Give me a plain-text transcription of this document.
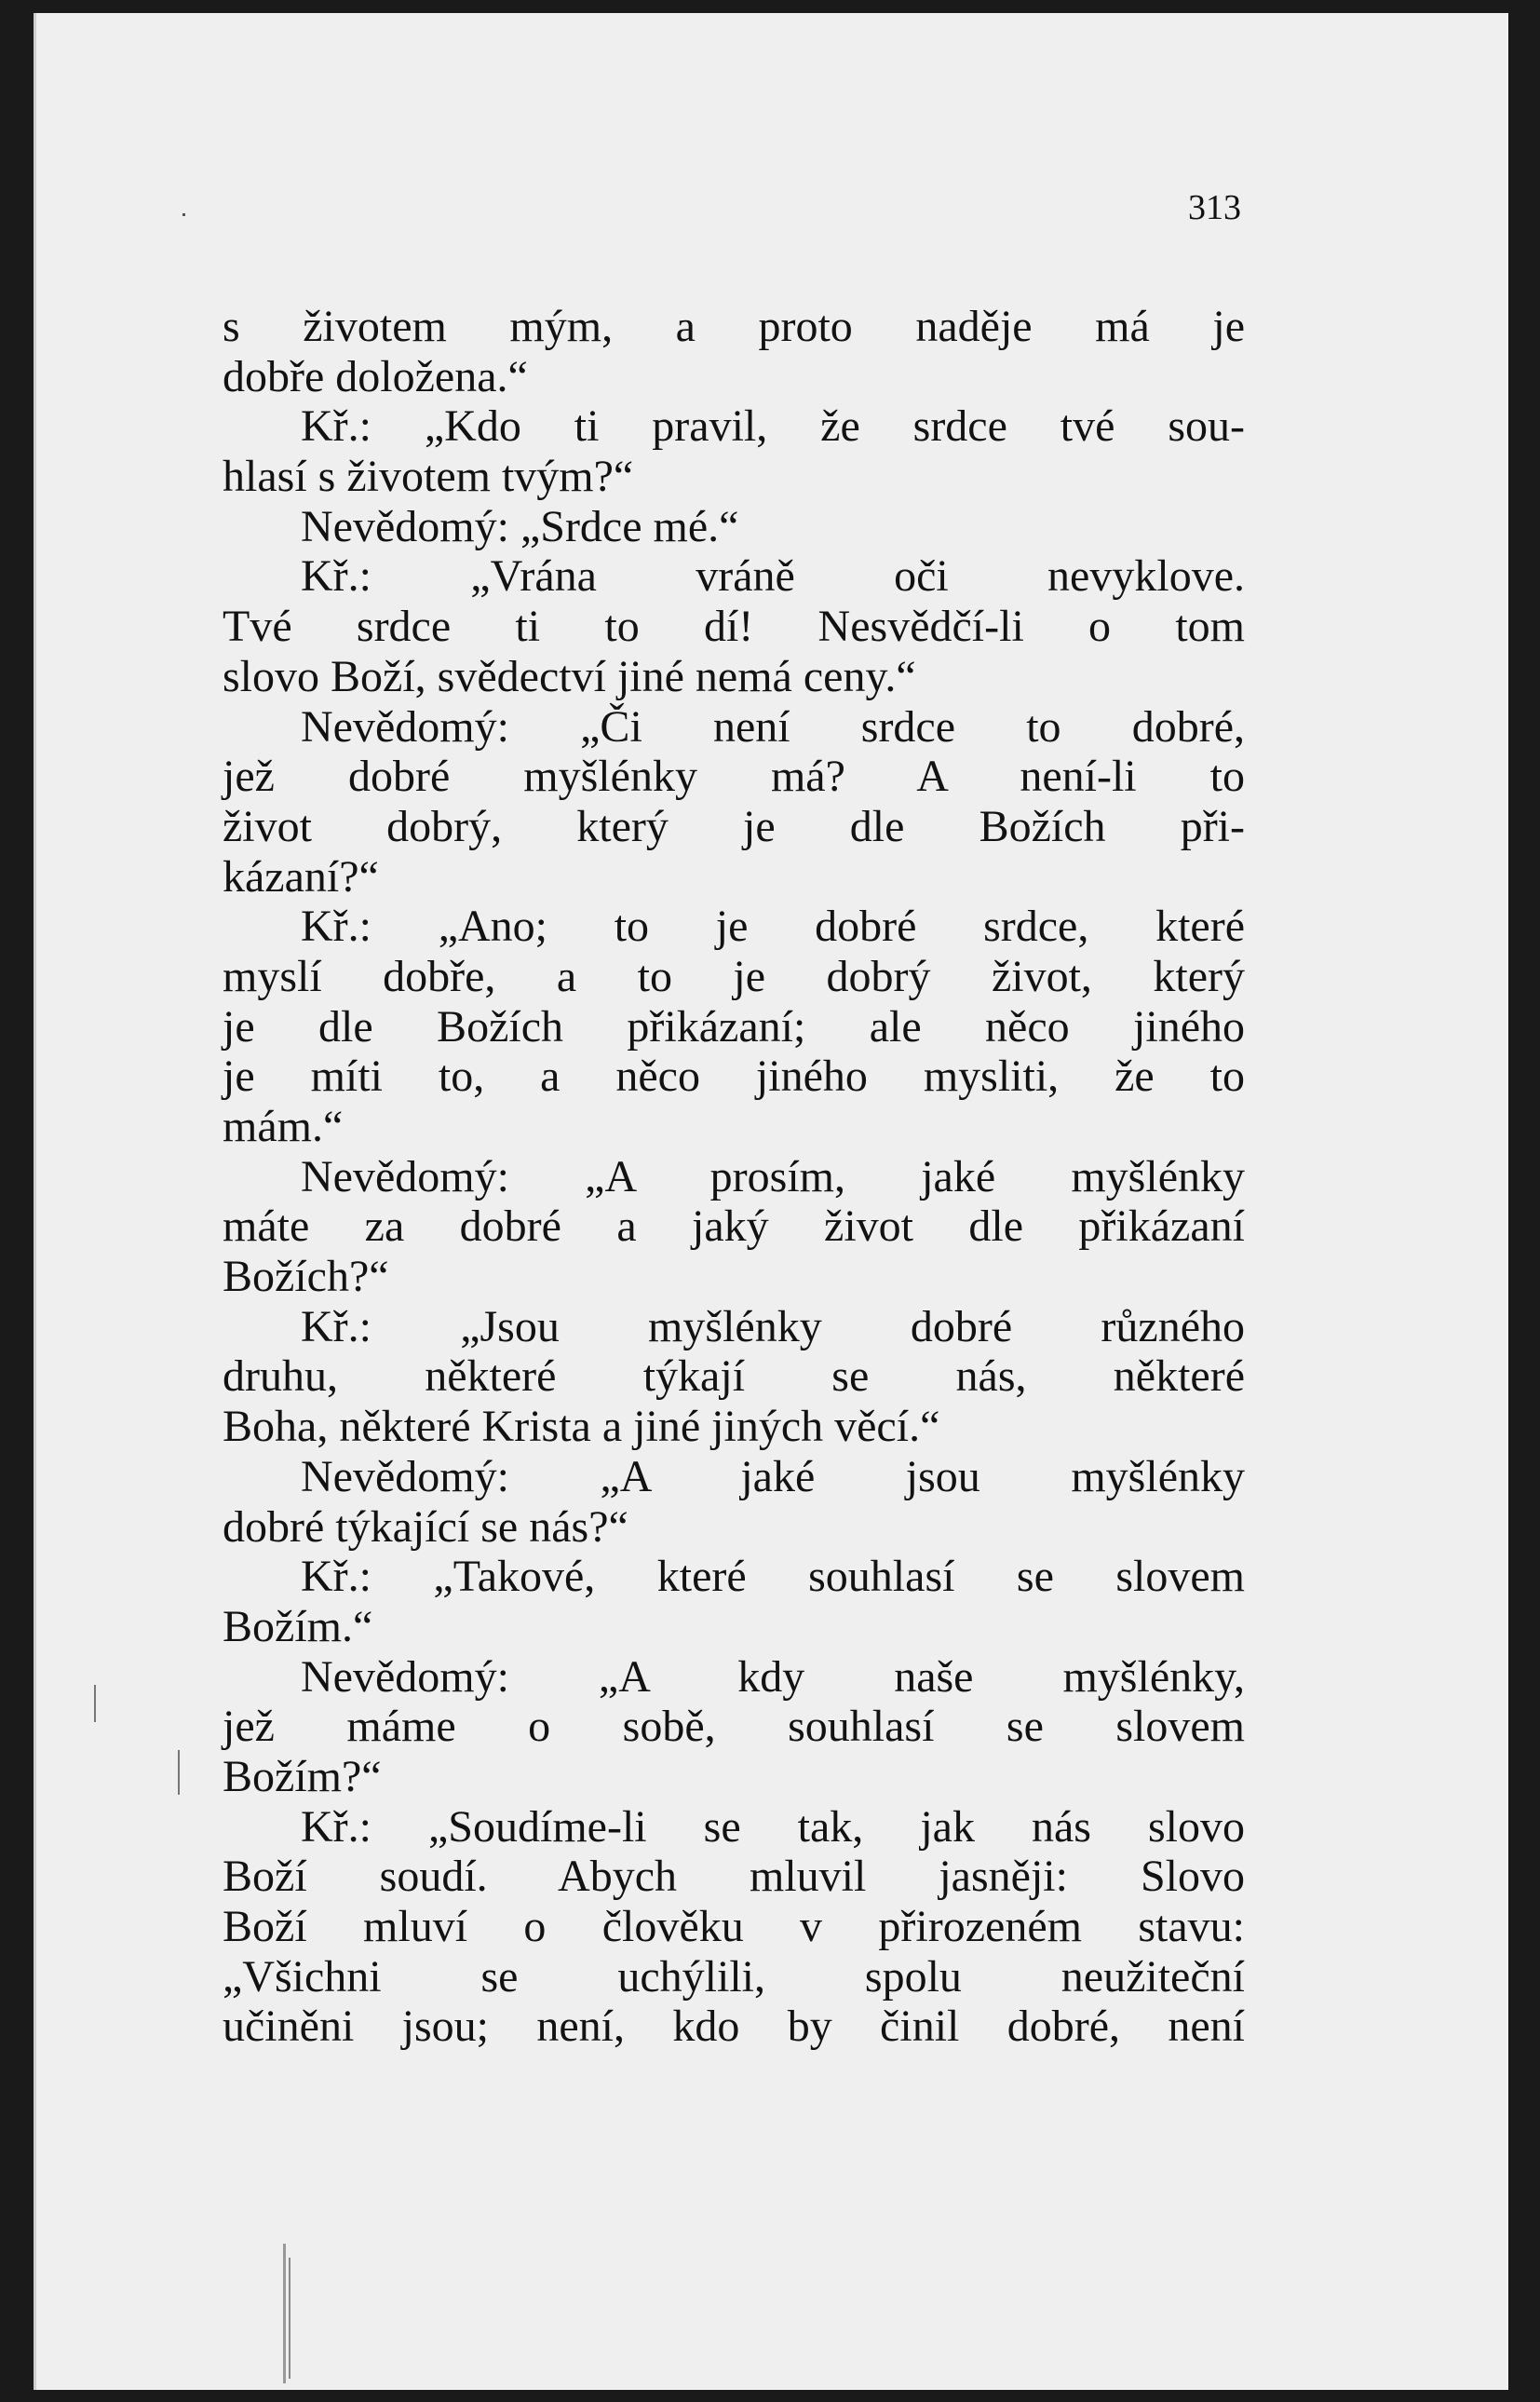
313
s životem mým, a proto naděje má je
dobře doložena.“
Kř.: „Kdo ti pravil, že srdce tvé sou-
hlasí s životem tvým?“
Nevědomý: „Srdce mé.“
Kř.: „Vrána vráně oči nevyklove.
Tvé srdce ti to dí! Nesvědčí-li o tom
slovo Boží, svědectví jiné nemá ceny.“
Nevědomý: „Či není srdce to dobré,
jež dobré myšlénky má? A není-li to
život dobrý, který je dle Božích při-
kázaní?“
Kř.: „Ano; to je dobré srdce, které
myslí dobře, a to je dobrý život, který
je dle Božích přikázaní; ale něco jiného
je míti to, a něco jiného mysliti, že to
mám.“
Nevědomý: „A prosím, jaké myšlénky
máte za dobré a jaký život dle přikázaní
Božích?“
Kř.: „Jsou myšlénky dobré různého
druhu, některé týkají se nás, některé
Boha, některé Krista a jiné jiných věcí.“
Nevědomý: „A jaké jsou myšlénky
dobré týkající se nás?“
Kř.: „Takové, které souhlasí se slovem
Božím.“
Nevědomý: „A kdy naše myšlénky,
jež máme o sobě, souhlasí se slovem
Božím?“
Kř.: „Soudíme-li se tak, jak nás slovo
Boží soudí. Abych mluvil jasněji: Slovo
Boží mluví o člověku v přirozeném stavu:
„Všichni se uchýlili, spolu neužiteční
učiněni jsou; není, kdo by činil dobré, není
